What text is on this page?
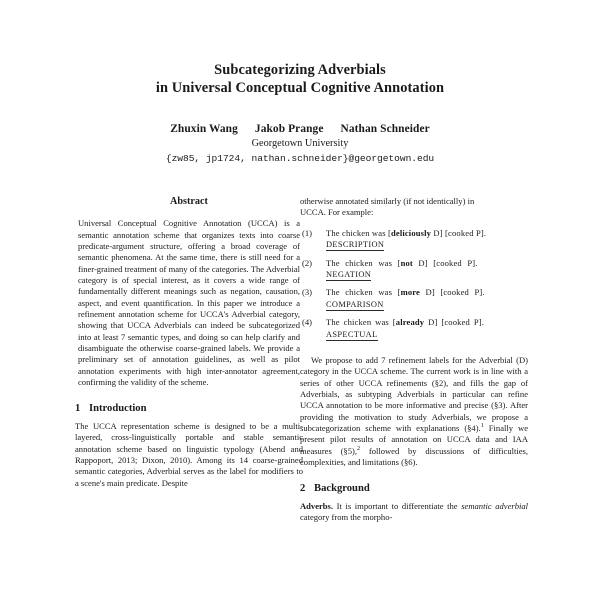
Subcategorizing Adverbials
in Universal Conceptual Cognitive Annotation
Zhuxin Wang Jakob Prange Nathan Schneider
Georgetown University
{zw85, jp1724, nathan.schneider}@georgetown.edu
Abstract

Universal Conceptual Cognitive Annotation (UCCA) is a semantic annotation scheme that organizes texts into coarse predicate-argument structure, offering a broad coverage of semantic phenomena. At the same time, there is still need for a finer-grained treatment of many of the categories. The Adverbial category is of special interest, as it covers a wide range of fundamentally different meanings such as negation, causation, aspect, and event quantification. In this paper we introduce a refinement annotation scheme for UCCA's Adverbial category, showing that UCCA Adverbials can indeed be subcategorized into at least 7 semantic types, and doing so can help clarify and disambiguate the otherwise coarse-grained labels. We provide a preliminary set of annotation guidelines, as well as pilot annotation experiments with high inter-annotator agreement, confirming the validity of the scheme.

1 Introduction

The UCCA representation scheme is designed to be a multi-layered, cross-linguistically portable and stable semantic annotation scheme based on linguistic typology (Abend and Rappoport, 2013; Dixon, 2010). Among its 14 coarse-grained semantic categories, Adverbial serves as the label for modifiers to a scene's main predicate. Despite

otherwise annotated similarly (if not identically) in

UCCA. For example:

(1) The chicken was [deliciously D] [cooked P].
DESCRIPTION
(2) The chicken was [not D] [cooked P].
NEGATION
(3) The chicken was [more D] [cooked P].
COMPARISON
(4) The chicken was [already D] [cooked P].
ASPECTUAL

We propose to add 7 refinement labels for the Adverbial (D) category in the UCCA scheme. The current work is in line with a series of other UCCA refinements (§2), and fills the gap of Adverbials, as subtyping Adverbials in particular can refine UCCA annotation to be more informative and precise (§3). After providing the motivation to study Adverbials, we propose a subcategorization scheme with explanations (§4).$^1$ Finally we present pilot results of annotation on UCCA data and IAA measures (§5),$^2$ followed by discussions of difficulties, complexities, and limitations (§6).

2 Background

Adverbs. It is important to differentiate the semantic adverbial category from the morpho-
